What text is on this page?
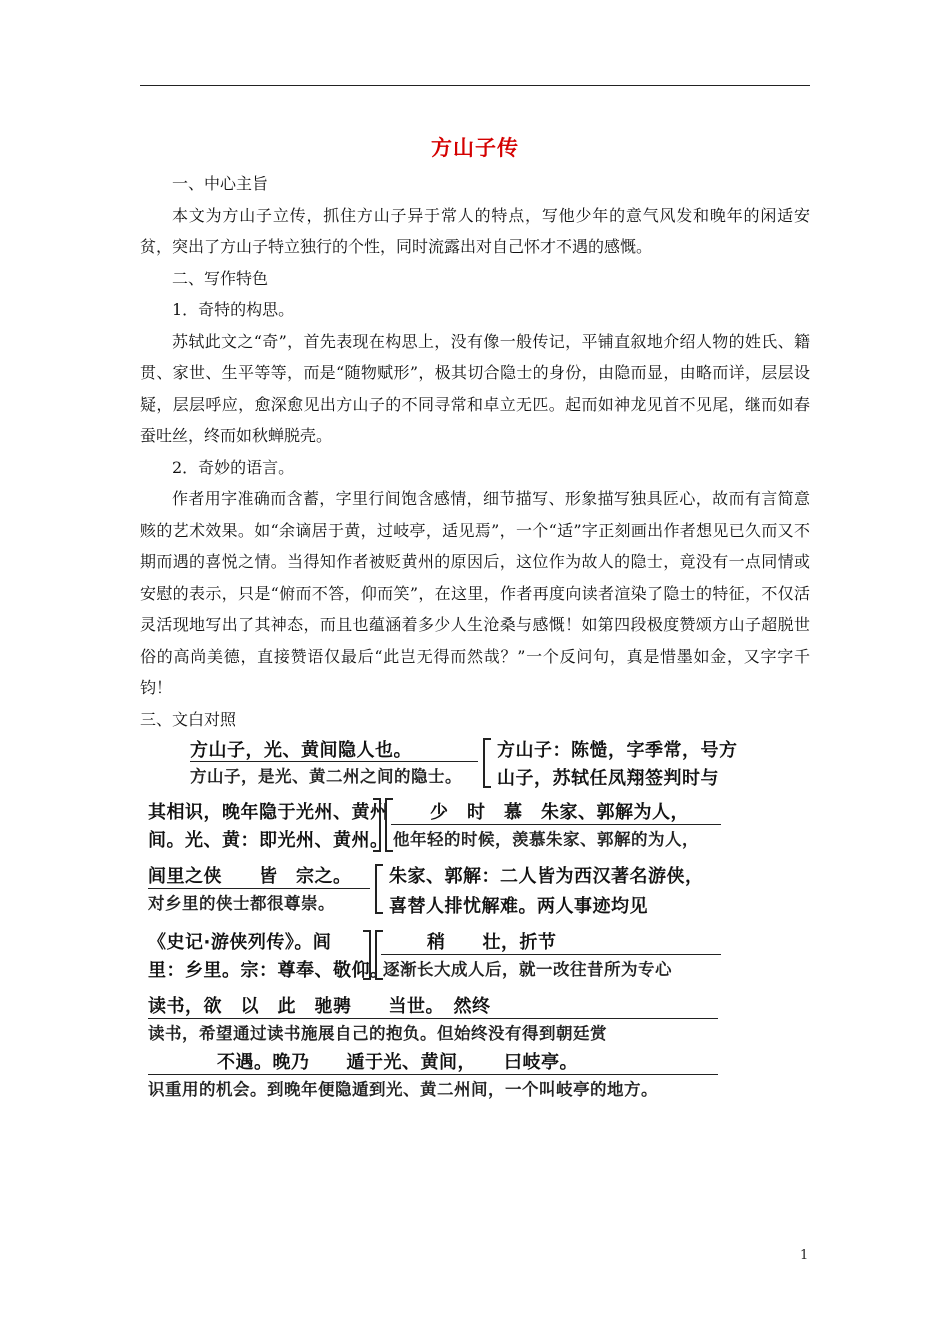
方山子传

一、中心主旨

本文为方山子立传，抓住方山子异于常人的特点，写他少年的意气风发和晚年的闲适安贫，突出了方山子特立独行的个性，同时流露出对自己怀才不遇的感慨。

二、写作特色

1．奇特的构思。

苏轼此文之“奇”，首先表现在构思上，没有像一般传记，平铺直叙地介绍人物的姓氏、籍贯、家世、生平等等，而是“随物赋形”，极其切合隐士的身份，由隐而显，由略而详，层层设疑，层层呼应，愈深愈见出方山子的不同寻常和卓立无匹。起而如神龙见首不见尾，继而如春蚕吐丝，终而如秋蝉脱壳。

2．奇妙的语言。

作者用字准确而含蓄，字里行间饱含感情，细节描写、形象描写独具匠心，故而有言简意赅的艺术效果。如“余谪居于黄，过岐亭，适见焉”，一个“适”字正刻画出作者想见已久而又不期而遇的喜悦之情。当得知作者被贬黄州的原因后，这位作为故人的隐士，竟没有一点同情或安慰的表示，只是“俯而不答，仰而笑”，在这里，作者再度向读者渲染了隐士的特征，不仅活灵活现地写出了其神态，而且也蕴涵着多少人生沧桑与感慨！如第四段极度赞颂方山子超脱世俗的高尚美德，直接赞语仅最后“此岂无得而然哉？”一个反问句，真是惜墨如金，又字字千钧！

三、文白对照

方山子，光、黄间隐人也。
方山子，是光、黄二州之间的隐士。
方山子：陈慥，字季常，号方
山子，苏轼任凤翔签判时与
其相识，晚年隐于光州、黄州
间。光、黄：即光州、黄州。
少　时　慕　朱家、郭解为人，
他年轻的时候，羡慕朱家、郭解的为人，
闾里之侠　　皆　宗之。
对乡里的侠士都很尊崇。
朱家、郭解：二人皆为西汉著名游侠，
喜替人排忧解难。两人事迹均见
《史记·游侠列传》。闾
里：乡里。宗：尊奉、敬仰。
稍　　壮，折节
逐渐长大成人后，就一改往昔所为专心
读书，欲　以　此　驰骋　　当世。　然终
读书，希望通过读书施展自己的抱负。但始终没有得到朝廷赏
不遇。晚乃　　遁于光、黄间，　　曰岐亭。
识重用的机会。到晚年便隐遁到光、黄二州间，一个叫岐亭的地方。
1
